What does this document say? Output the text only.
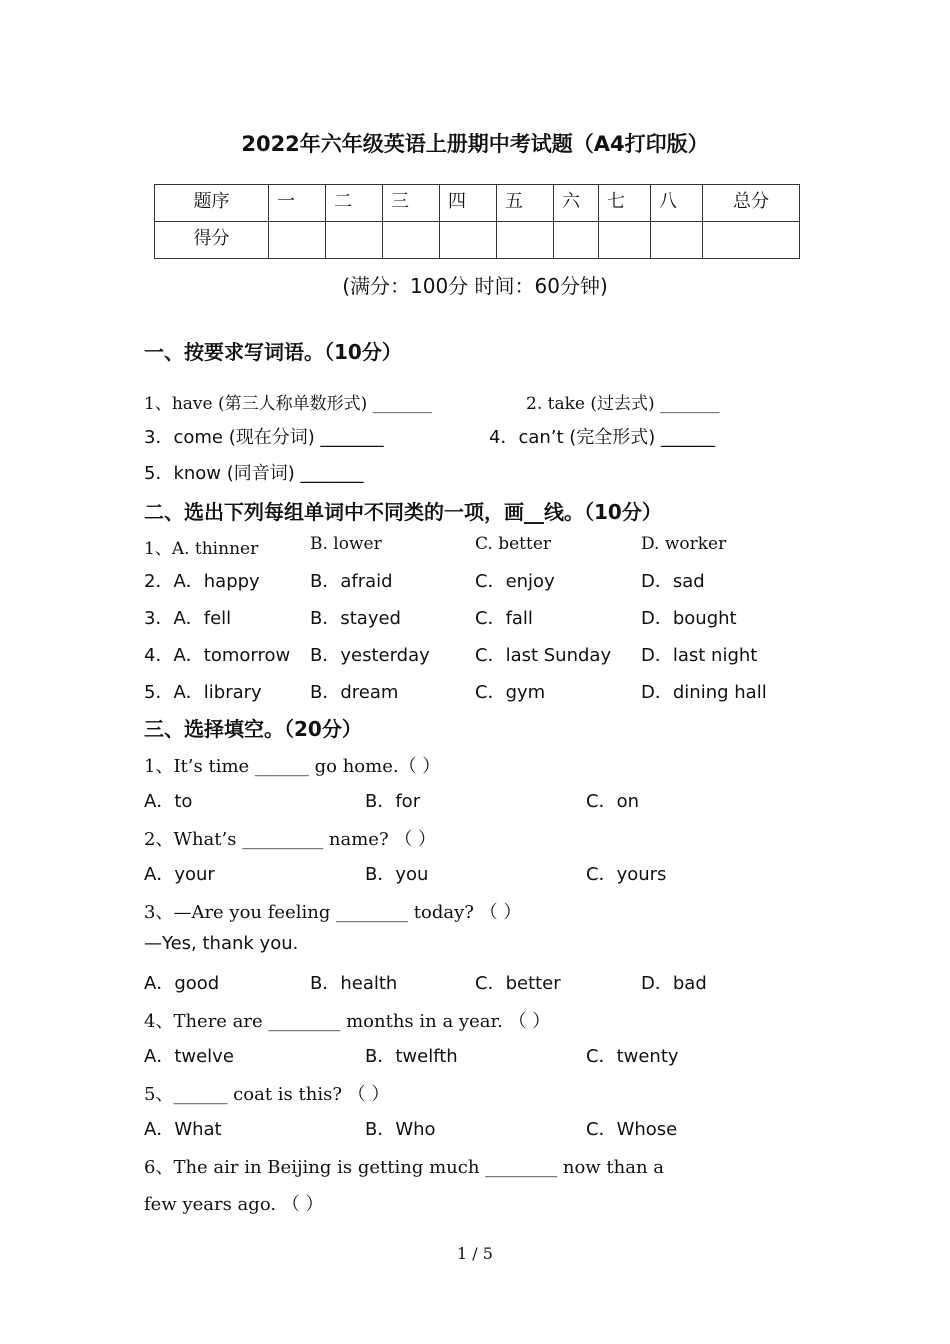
2022年六年级英语上册期中考试题（A4打印版）
题序	一	二	三	四	五	六	七	八	总分

得分									

(满分：100分 时间：60分钟)
一、按要求写词语。（10分）
1、have (第三人称单数形式) _______	2. take (过去式) _______
3．come (现在分词) _______	4．can’t (完全形式) ______
5．know (同音词) _______
二、选出下列每组单词中不同类的一项，画__线。（10分）
1、A. thinner	B. lower	C. better	D. worker
2．A．happy	B．afraid	C．enjoy	D．sad
3．A．fell	B．stayed	C．fall	D．bought
4．A．tomorrow B．yesterday	C．last Sunday D．last night
5．A．library	B．dream	C．gym	D．dining hall
三、选择填空。（20分）
1、It’s time ______ go home.（ ）
A．to	B．for	C．on
2、What’s _________ name? （ ）
A．your	B．you	C．yours
3、—Are you feeling ________ today? （ ）
—Yes, thank you.
A．good	B．health	C．better	D．bad
4、There are ________ months in a year. （ ）
A．twelve	B．twelfth	C．twenty
5、______ coat is this? （ ）
A．What	B．Who	C．Whose
6、The air in Beijing is getting much ________ now than a
few years ago. （ ）
1 / 5
